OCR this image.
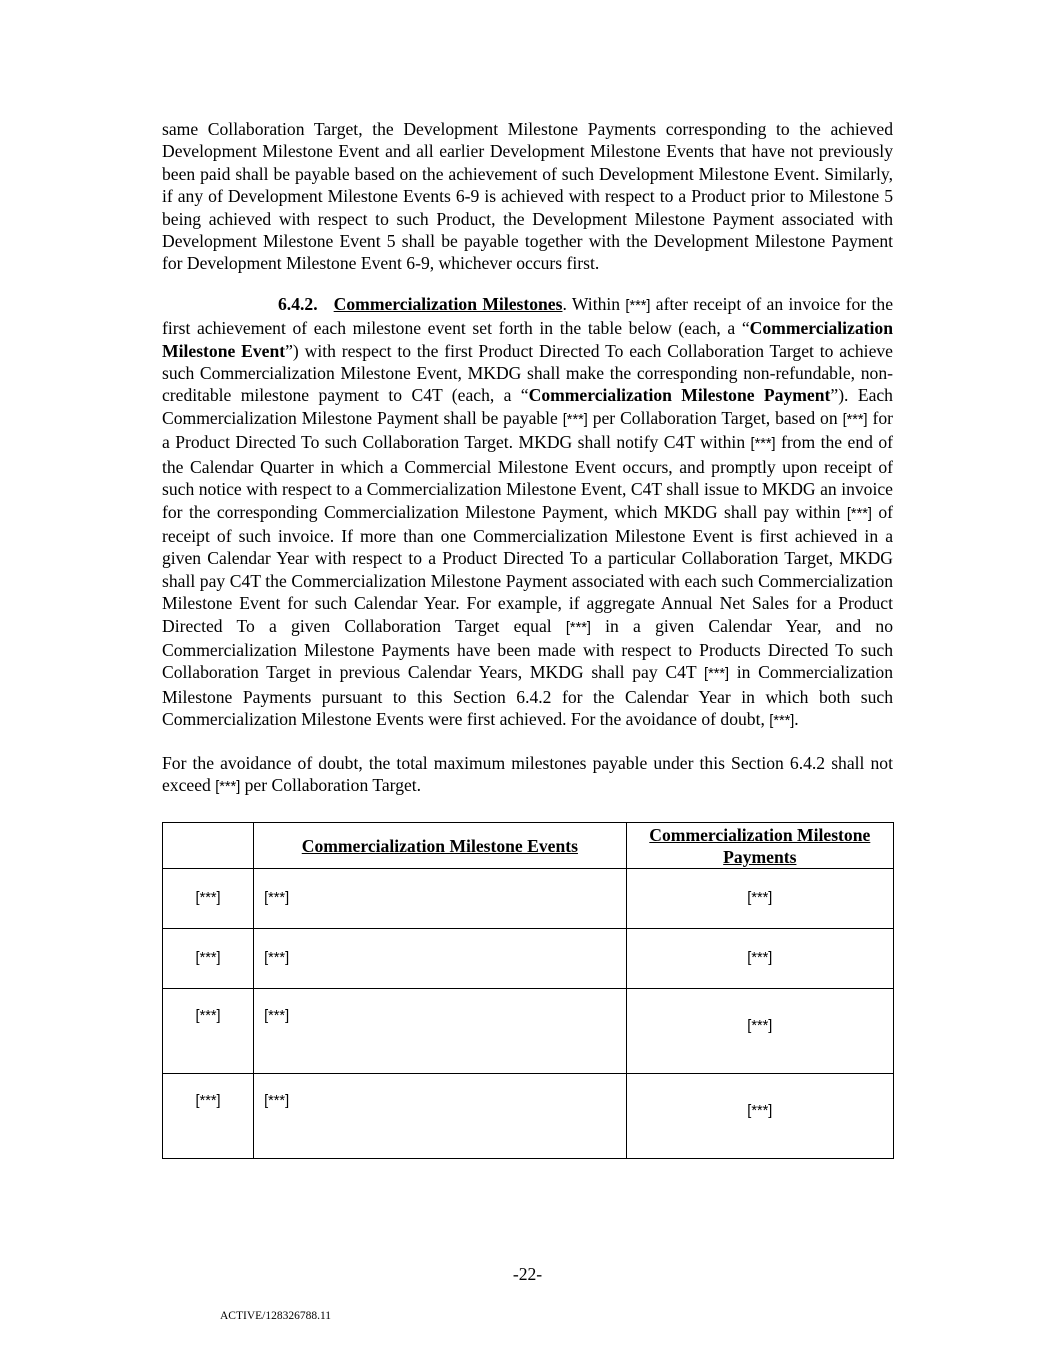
same Collaboration Target, the Development Milestone Payments corresponding to the achieved Development Milestone Event and all earlier Development Milestone Events that have not previously been paid shall be payable based on the achievement of such Development Milestone Event. Similarly, if any of Development Milestone Events 6-9 is achieved with respect to a Product prior to Milestone 5 being achieved with respect to such Product, the Development Milestone Payment associated with Development Milestone Event 5 shall be payable together with the Development Milestone Payment for Development Milestone Event 6-9, whichever occurs first.

6.4.2. Commercialization Milestones. Within [***] after receipt of an invoice for the first achievement of each milestone event set forth in the table below (each, a “Commercialization Milestone Event”) with respect to the first Product Directed To each Collaboration Target to achieve such Commercialization Milestone Event, MKDG shall make the corresponding non-refundable, non-creditable milestone payment to C4T (each, a “Commercialization Milestone Payment”). Each Commercialization Milestone Payment shall be payable [***] per Collaboration Target, based on [***] for a Product Directed To such Collaboration Target. MKDG shall notify C4T within [***] from the end of the Calendar Quarter in which a Commercial Milestone Event occurs, and promptly upon receipt of such notice with respect to a Commercialization Milestone Event, C4T shall issue to MKDG an invoice for the corresponding Commercialization Milestone Payment, which MKDG shall pay within [***] of receipt of such invoice. If more than one Commercialization Milestone Event is first achieved in a given Calendar Year with respect to a Product Directed To a particular Collaboration Target, MKDG shall pay C4T the Commercialization Milestone Payment associated with each such Commercialization Milestone Event for such Calendar Year. For example, if aggregate Annual Net Sales for a Product Directed To a given Collaboration Target equal [***] in a given Calendar Year, and no Commercialization Milestone Payments have been made with respect to Products Directed To such Collaboration Target in previous Calendar Years, MKDG shall pay C4T [***] in Commercialization Milestone Payments pursuant to this Section 6.4.2 for the Calendar Year in which both such Commercialization Milestone Events were first achieved. For the avoidance of doubt, [***].

For the avoidance of doubt, the total maximum milestones payable under this Section 6.4.2 shall not exceed [***] per Collaboration Target.

	Commercialization Milestone Events	Commercialization Milestone Payments
[***]	[***]	[***]
[***]	[***]	[***]
[***]	[***]	[***]
[***]	[***]	[***]
-22-
ACTIVE/128326788.11
